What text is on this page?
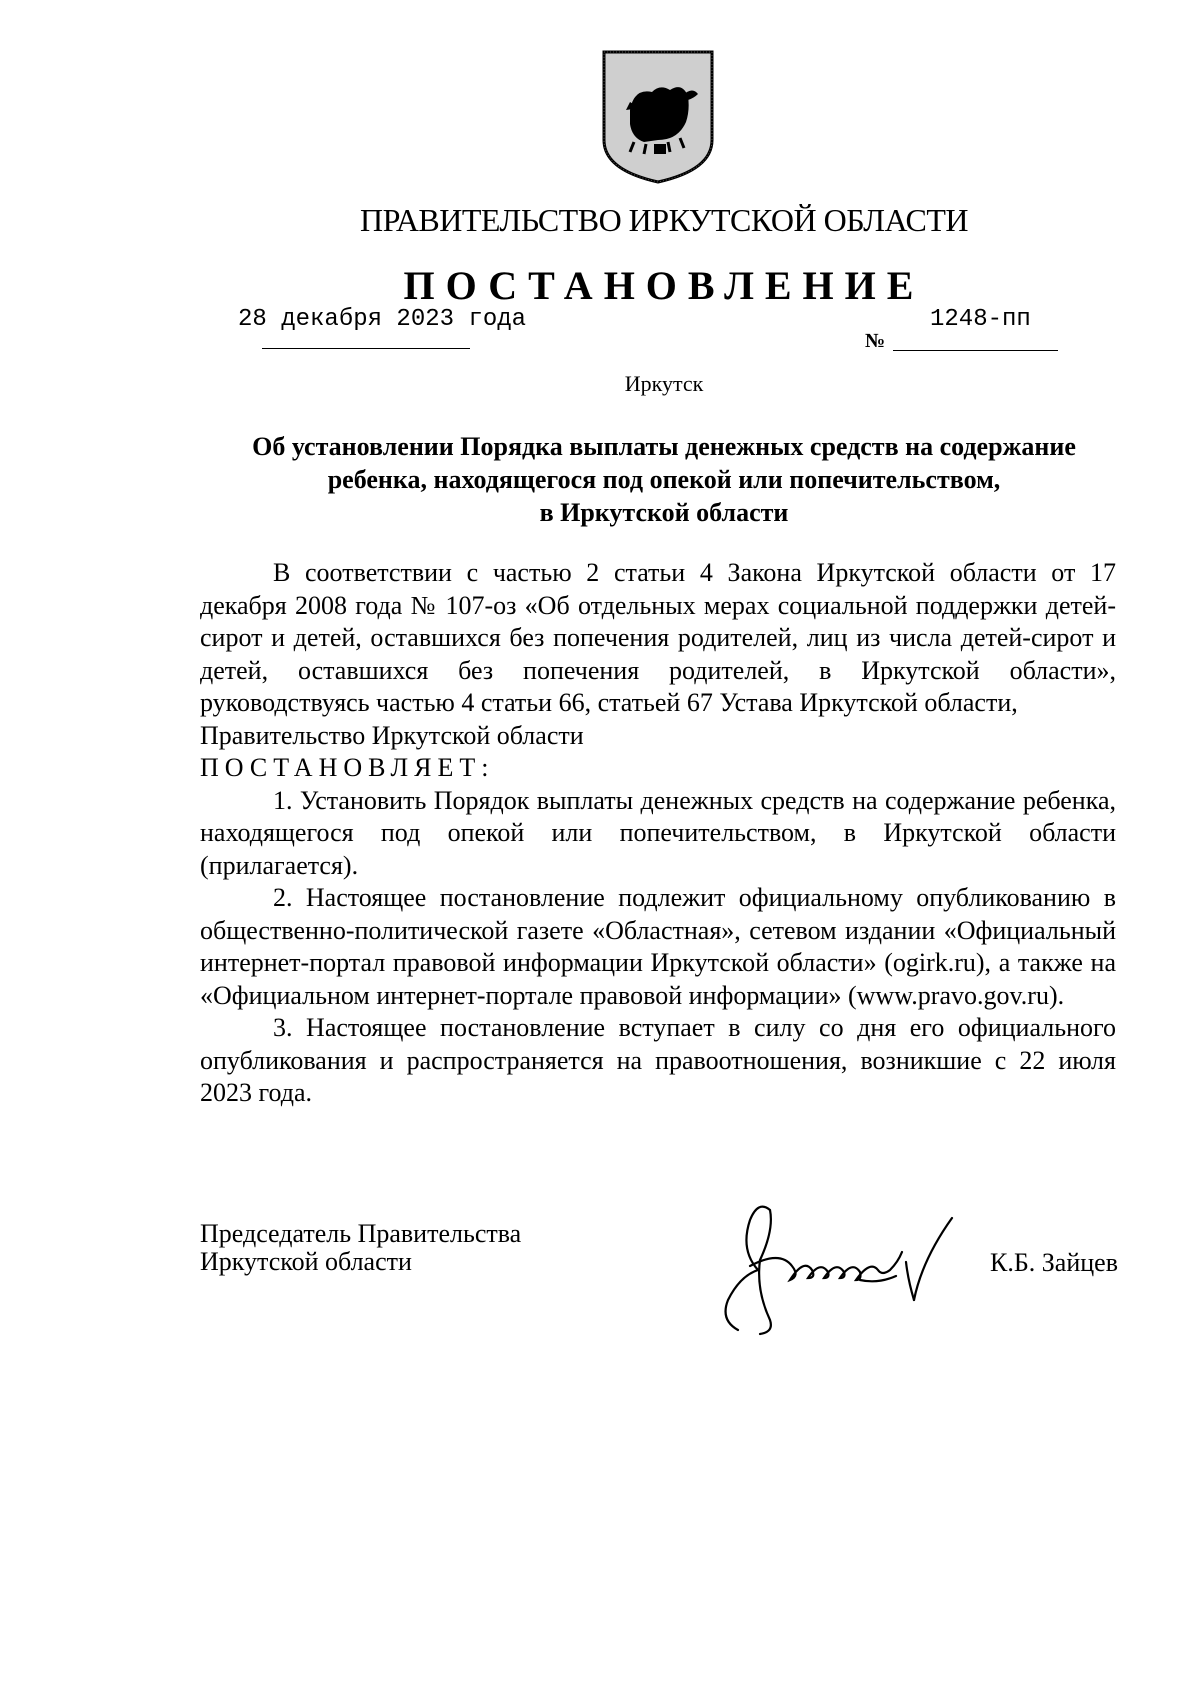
ПРАВИТЕЛЬСТВО ИРКУТСКОЙ ОБЛАСТИ
ПОСТАНОВЛЕНИЕ
28 декабря 2023 года
№
1248-пп
Иркутск
Об установлении Порядка выплаты денежных средств на содержание
ребенка, находящегося под опекой или попечительством,
в Иркутской области

В соответствии с частью 2 статьи 4 Закона Иркутской области от 17 декабря 2008 года № 107-оз «Об отдельных мерах социальной поддержки детей-сирот и детей, оставшихся без попечения родителей, лиц из числа детей-сирот и детей, оставшихся без попечения родителей, в Иркутской области», руководствуясь частью 4 статьи 66, статьей 67 Устава Иркутской области,

Правительство Иркутской области

ПОСТАНОВЛЯЕТ:

1. Установить Порядок выплаты денежных средств на содержание ребенка, находящегося под опекой или попечительством, в Иркутской области (прилагается).

2. Настоящее постановление подлежит официальному опубликованию в общественно-политической газете «Областная», сетевом издании «Официальный интернет-портал правовой информации Иркутской области» (ogirk.ru), а также на «Официальном интернет-портале правовой информации» (www.pravo.gov.ru).

3. Настоящее постановление вступает в силу со дня его официального опубликования и распространяется на правоотношения, возникшие с 22 июля 2023 года.

Председатель Правительства
Иркутской области	К.Б. Зайцев
